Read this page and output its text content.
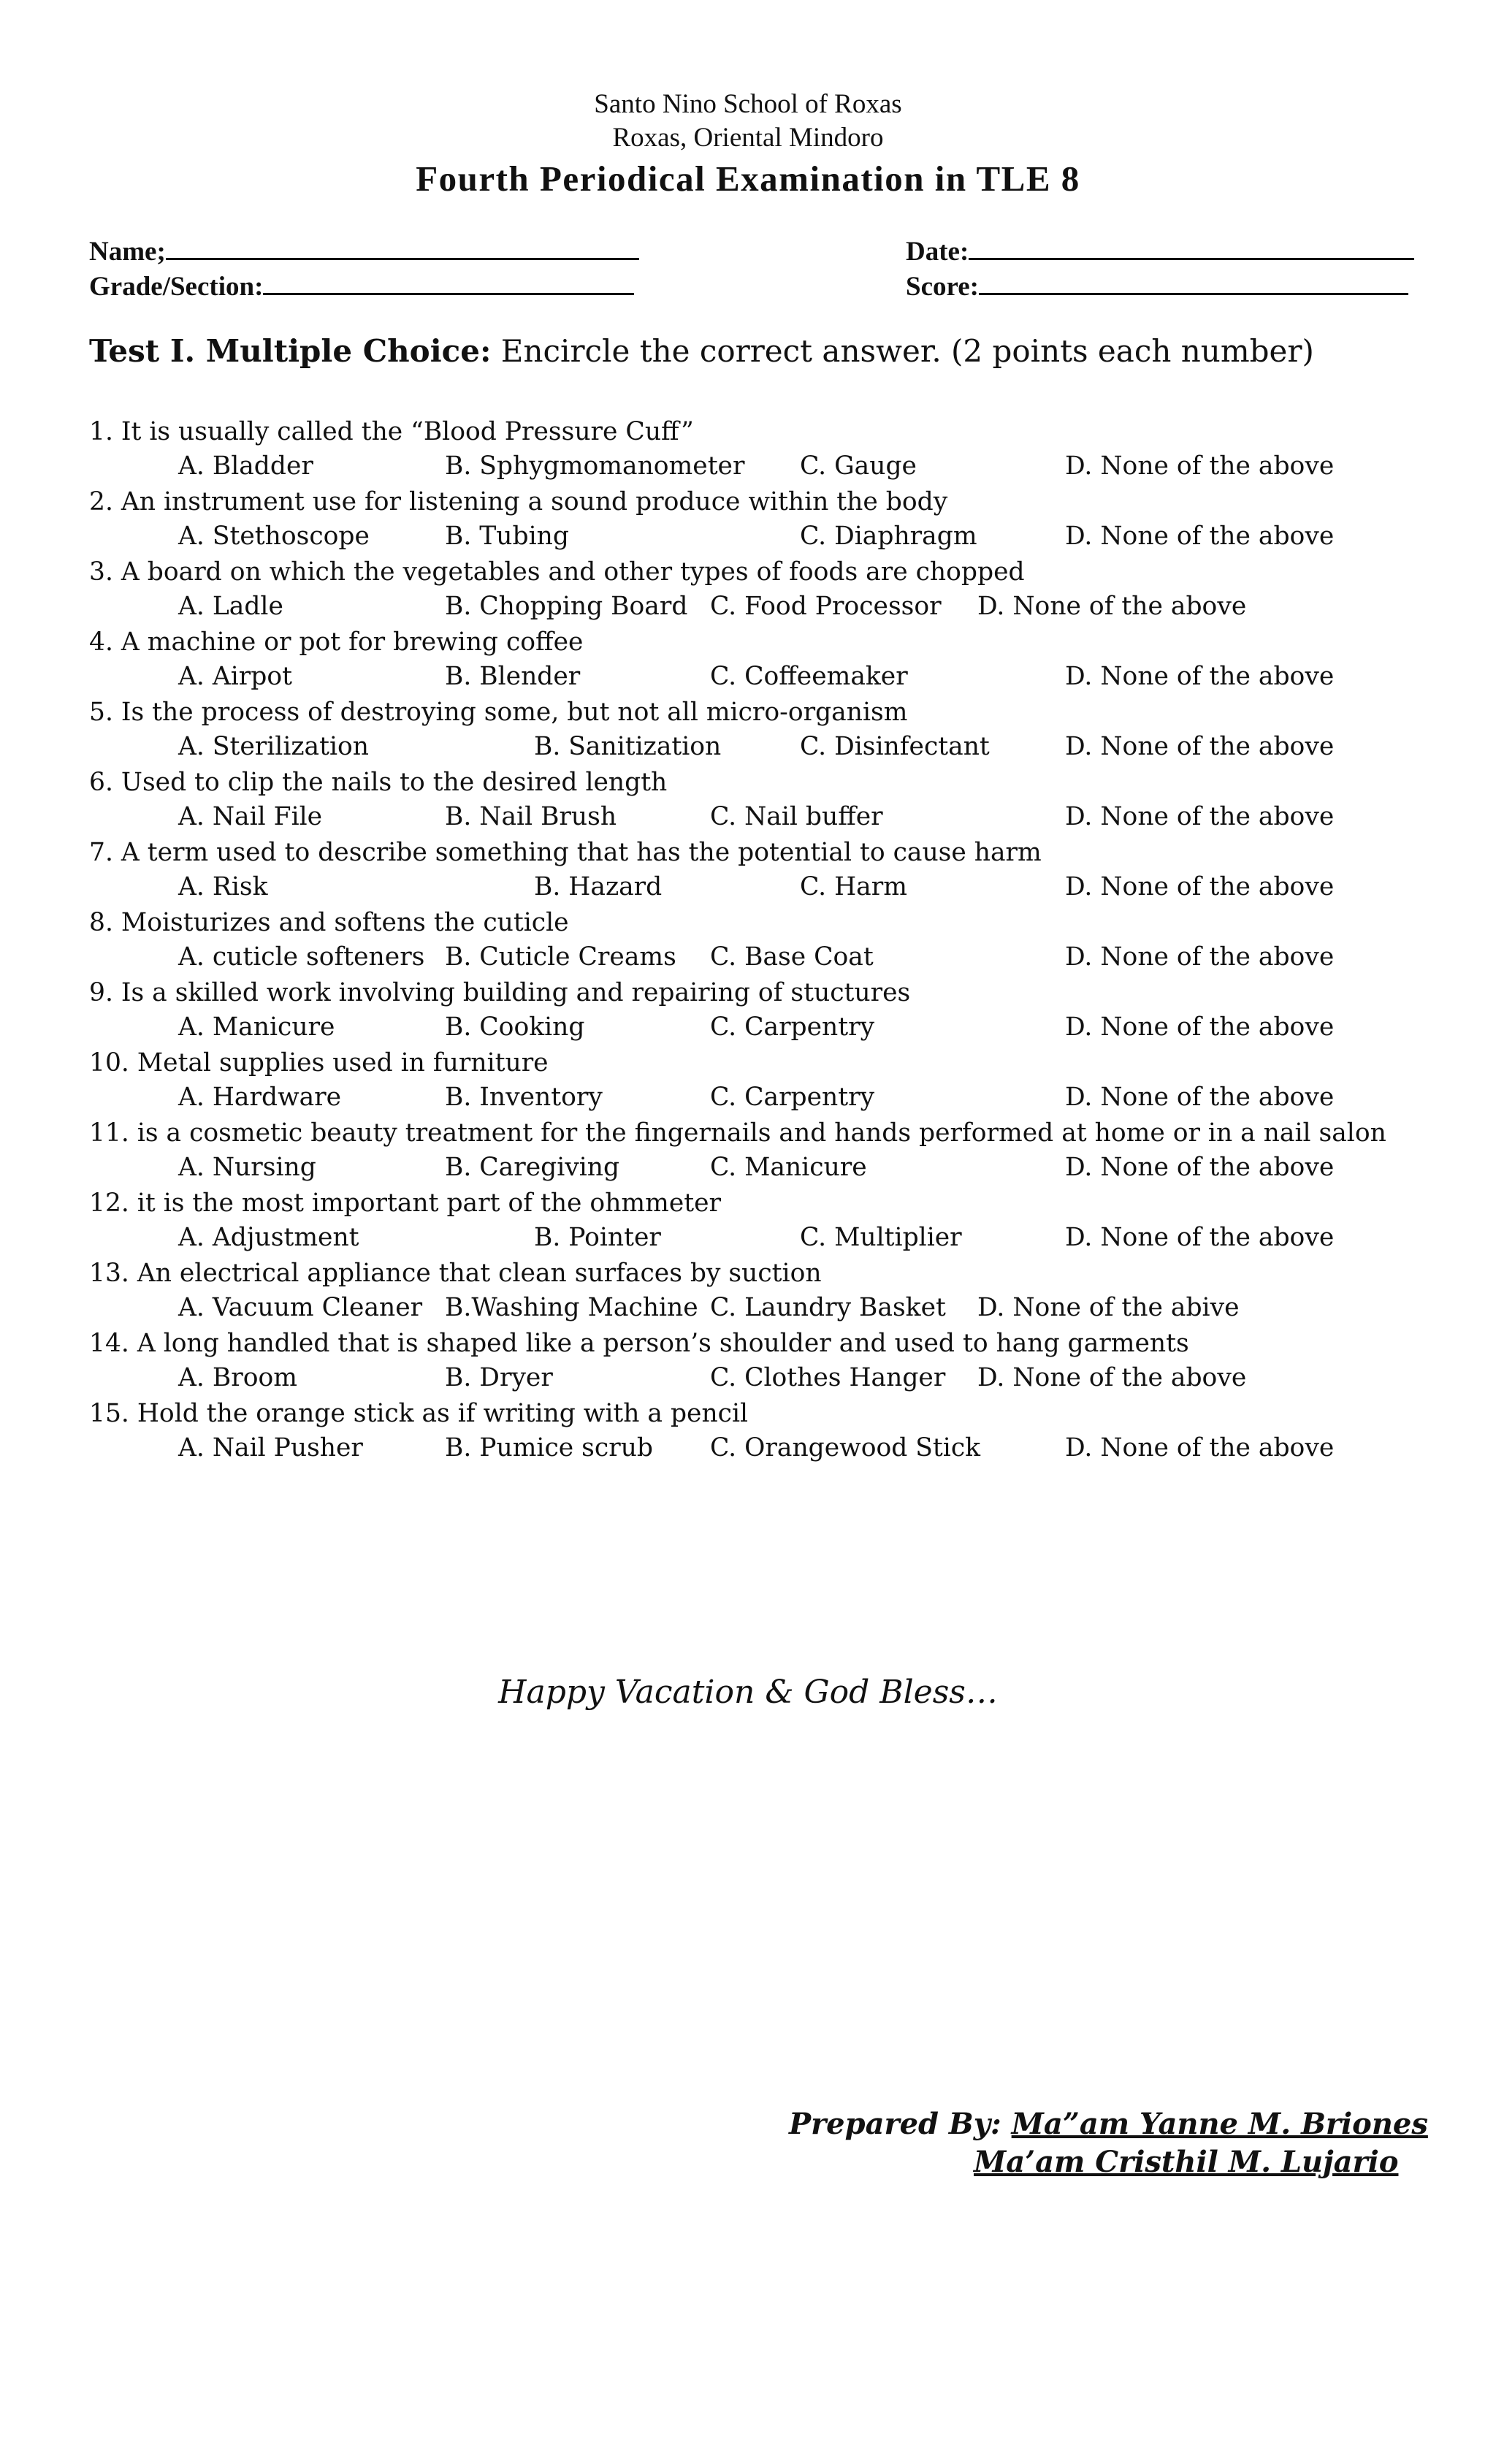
Santo Nino School of Roxas
Roxas, Oriental Mindoro
Fourth Periodical Examination in TLE 8
Name;
Grade/Section:
Date:
Score:
Test I. Multiple Choice: Encircle the correct answer. (2 points each number)
1. It is usually called the “Blood Pressure Cuff”
A. Bladder	B. Sphygmomanometer C. Gauge	D. None of the above
2. An instrument use for listening a sound produce within the body
A. Stethoscope	B. Tubing	C. Diaphragm	D. None of the above
3. A board on which the vegetables and other types of foods are chopped
A. Ladle	B. Chopping Board C. Food Processor D. None of the above
4. A machine or pot for brewing coffee
A. Airpot	B. Blender	C. Coffeemaker	D. None of the above
5. Is the process of destroying some, but not all micro-organism
A. Sterilization	B. Sanitization	C. Disinfectant	D. None of the above
6. Used to clip the nails to the desired length
A. Nail File	B. Nail Brush	C. Nail buffer	D. None of the above
7. A term used to describe something that has the potential to cause harm
A. Risk	B. Hazard	C. Harm	D. None of the above
8. Moisturizes and softens the cuticle
A. cuticle softeners B. Cuticle Creams C. Base Coat	D. None of the above
9. Is a skilled work involving building and repairing of stuctures
A. Manicure	B. Cooking	C. Carpentry	D. None of the above
10. Metal supplies used in furniture
A. Hardware	B. Inventory	C. Carpentry	D. None of the above
11. is a cosmetic beauty treatment for the fingernails and hands performed at home or in a nail salon
A. Nursing	B. Caregiving	C. Manicure	D. None of the above
12. it is the most important part of the ohmmeter
A. Adjustment	B. Pointer	C. Multiplier	D. None of the above
13. An electrical appliance that clean surfaces by suction
A. Vacuum Cleaner B.Washing Machine C. Laundry Basket D. None of the abive
14. A long handled that is shaped like a person’s shoulder and used to hang garments
A. Broom	B. Dryer	C. Clothes Hanger D. None of the above
15. Hold the orange stick as if writing with a pencil
A. Nail Pusher	B. Pumice scrub C. Orangewood Stick	D. None of the above
Happy Vacation & God Bless…
Prepared By: Ma”am Yanne M. Briones
Ma’am Cristhil M. Lujario
